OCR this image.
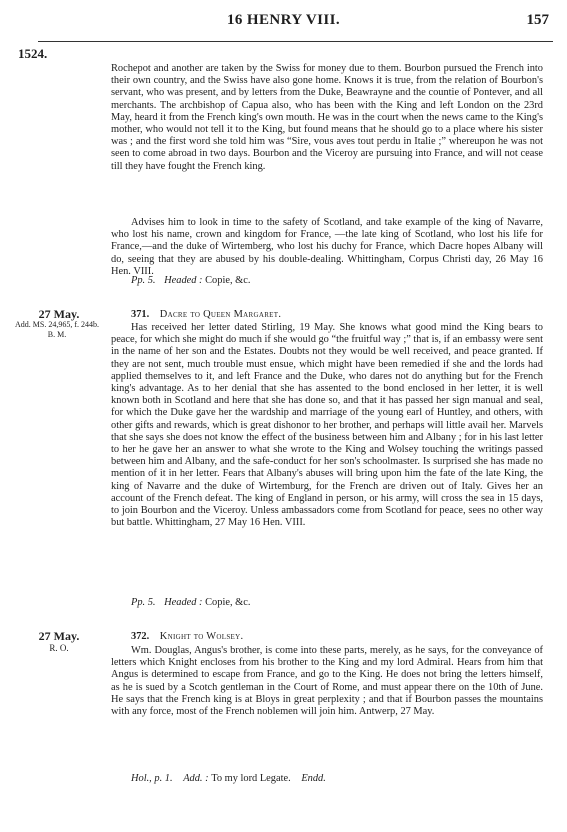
16 HENRY VIII.	157
1524.
Rochepot and another are taken by the Swiss for money due to them. Bourbon pursued the French into their own country, and the Swiss have also gone home. Knows it is true, from the relation of Bourbon's servant, who was present, and by letters from the Duke, Beawrayne and the countie of Pontever, and all merchants. The archbishop of Capua also, who has been with the King and left London on the 23rd May, heard it from the French king's own mouth. He was in the court when the news came to the King's mother, who would not tell it to the King, but found means that he should go to a place where his sister was ; and the first word she told him was “Sire, vous aves tout perdu in Italie ;” whereupon he was not seen to come abroad in two days. Bourbon and the Viceroy are pursuing into France, and will not cease till they have fought the French king.
Advises him to look in time to the safety of Scotland, and take example of the king of Navarre, who lost his name, crown and kingdom for France, —the late king of Scotland, who lost his life for France,—and the duke of Wirtemberg, who lost his duchy for France, which Dacre hopes Albany will do, seeing that they are abused by his double-dealing. Whittingham, Corpus Christi day, 26 May 16 Hen. VIII.
Pp. 5. Headed : Copie, &c.
27 May.
Add. MS. 24,965, f. 244b. B. M.
371. Dacre to Queen Margaret.
Has received her letter dated Stirling, 19 May. She knows what good mind the King bears to peace, for which she might do much if she would go “the fruitful way ;” that is, if an embassy were sent in the name of her son and the Estates. Doubts not they would be well received, and peace granted. If they are not sent, much trouble must ensue, which might have been remedied if she and the lords had applied themselves to it, and left France and the Duke, who dares not do anything but for the French king's advantage. As to her denial that she has assented to the bond enclosed in her letter, it is well known both in Scotland and here that she has done so, and that it has passed her sign manual and seal, for which the Duke gave her the wardship and marriage of the young earl of Huntley, and others, with other gifts and rewards, which is great dishonor to her brother, and perhaps will little avail her. Marvels that she says she does not know the effect of the business between him and Albany ; for in his last letter to her he gave her an answer to what she wrote to the King and Wolsey touching the writings passed between him and Albany, and the safe-conduct for her son's schoolmaster. Is surprised she has made no mention of it in her letter. Fears that Albany's abuses will bring upon him the fate of the late King, the king of Navarre and the duke of Wirtemburg, for the French are driven out of Italy. Gives her an account of the French defeat. The king of England in person, or his army, will cross the sea in 15 days, to join Bourbon and the Viceroy. Unless ambassadors come from Scotland for peace, sees no other way but battle. Whittingham, 27 May 16 Hen. VIII.
Pp. 5. Headed : Copie, &c.
27 May.
R. O.
372. Knight to Wolsey.
Wm. Douglas, Angus's brother, is come into these parts, merely, as he says, for the conveyance of letters which Knight encloses from his brother to the King and my lord Admiral. Hears from him that Angus is determined to escape from France, and go to the King. He does not bring the letters himself, as he is sued by a Scotch gentleman in the Court of Rome, and must appear there on the 10th of June. He says that the French king is at Bloys in great perplexity ; and that if Bourbon passes the mountains with any force, most of the French noblemen will join him. Antwerp, 27 May.
Hol., p. 1. Add. : To my lord Legate. Endd.
